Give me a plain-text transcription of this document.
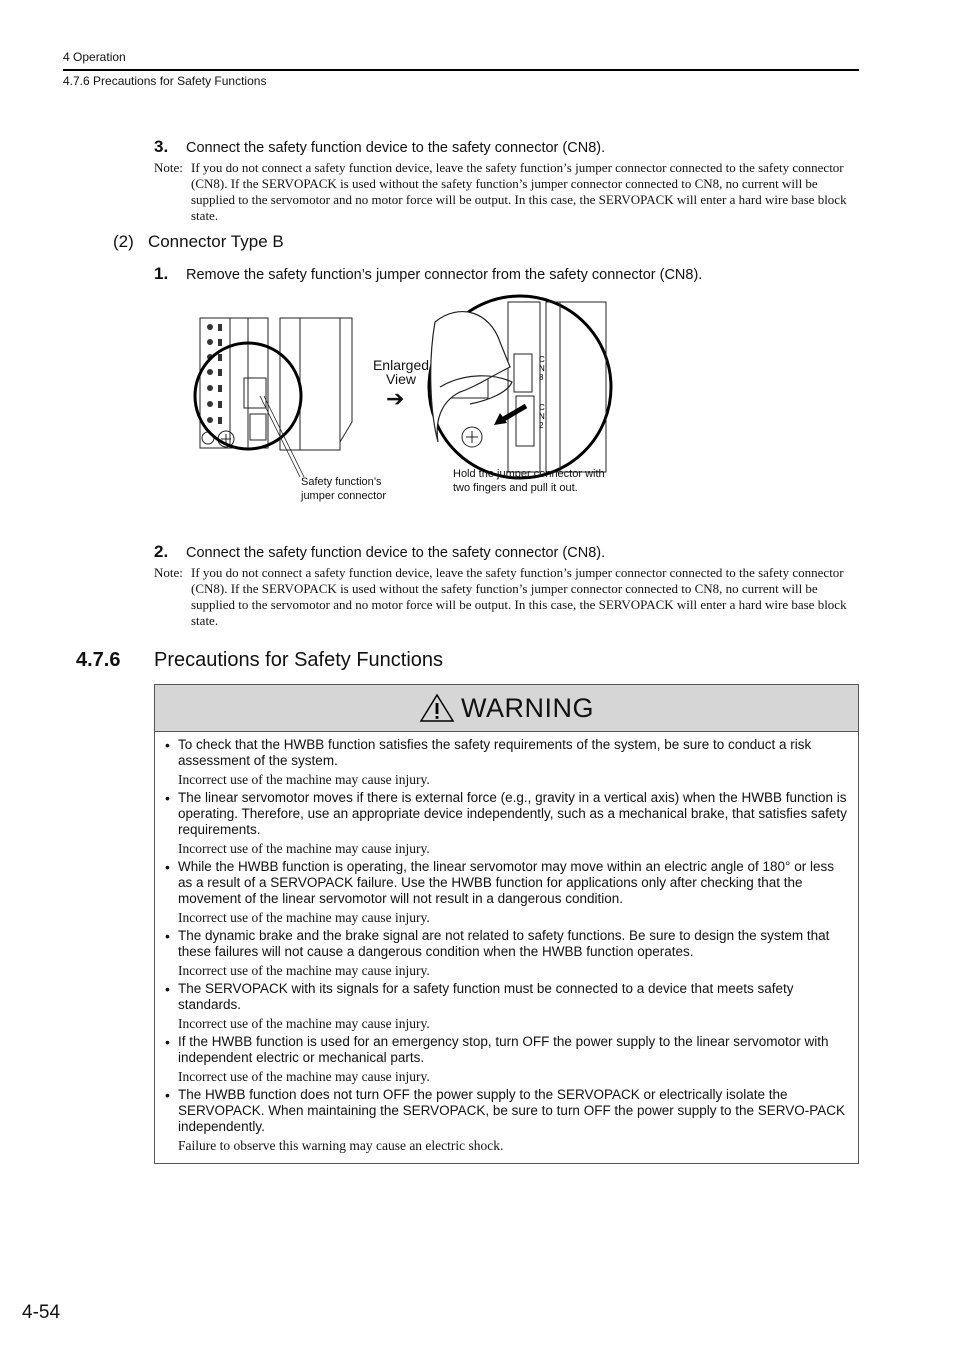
4 Operation
4.7.6 Precautions for Safety Functions
3. Connect the safety function device to the safety connector (CN8).
Note: If you do not connect a safety function device, leave the safety function’s jumper connector connected to the safety connector (CN8). If the SERVOPACK is used without the safety function’s jumper connector connected to CN8, no current will be supplied to the servomotor and no motor force will be output. In this case, the SERVOPACK will enter a hard wire base block state.
(2)   Connector Type B
1. Remove the safety function’s jumper connector from the safety connector (CN8).
C N 8
C N 2
Enlarged
View
➔
Safety function’s
jumper connector
Hold the jumper connector with
two fingers and pull it out.
2. Connect the safety function device to the safety connector (CN8).
Note: If you do not connect a safety function device, leave the safety function’s jumper connector connected to the safety connector (CN8). If the SERVOPACK is used without the safety function’s jumper connector connected to CN8, no current will be supplied to the servomotor and no motor force will be output. In this case, the SERVOPACK will enter a hard wire base block state.
4.7.6 Precautions for Safety Functions
WARNING
• To check that the HWBB function satisfies the safety requirements of the system, be sure to conduct a risk assessment of the system.
Incorrect use of the machine may cause injury.
• The linear servomotor moves if there is external force (e.g., gravity in a vertical axis) when the HWBB function is operating. Therefore, use an appropriate device independently, such as a mechanical brake, that satisfies safety requirements.
Incorrect use of the machine may cause injury.
• While the HWBB function is operating, the linear servomotor may move within an electric angle of 180° or less as a result of a SERVOPACK failure. Use the HWBB function for applications only after checking that the movement of the linear servomotor will not result in a dangerous condition.
Incorrect use of the machine may cause injury.
• The dynamic brake and the brake signal are not related to safety functions. Be sure to design the system that these failures will not cause a dangerous condition when the HWBB function operates.
Incorrect use of the machine may cause injury.
• The SERVOPACK with its signals for a safety function must be connected to a device that meets safety standards.
Incorrect use of the machine may cause injury.
• If the HWBB function is used for an emergency stop, turn OFF the power supply to the linear servomotor with independent electric or mechanical parts.
Incorrect use of the machine may cause injury.
• The HWBB function does not turn OFF the power supply to the SERVOPACK or electrically isolate the SERVOPACK. When maintaining the SERVOPACK, be sure to turn OFF the power supply to the SERVO-PACK independently.
Failure to observe this warning may cause an electric shock.
4-54
